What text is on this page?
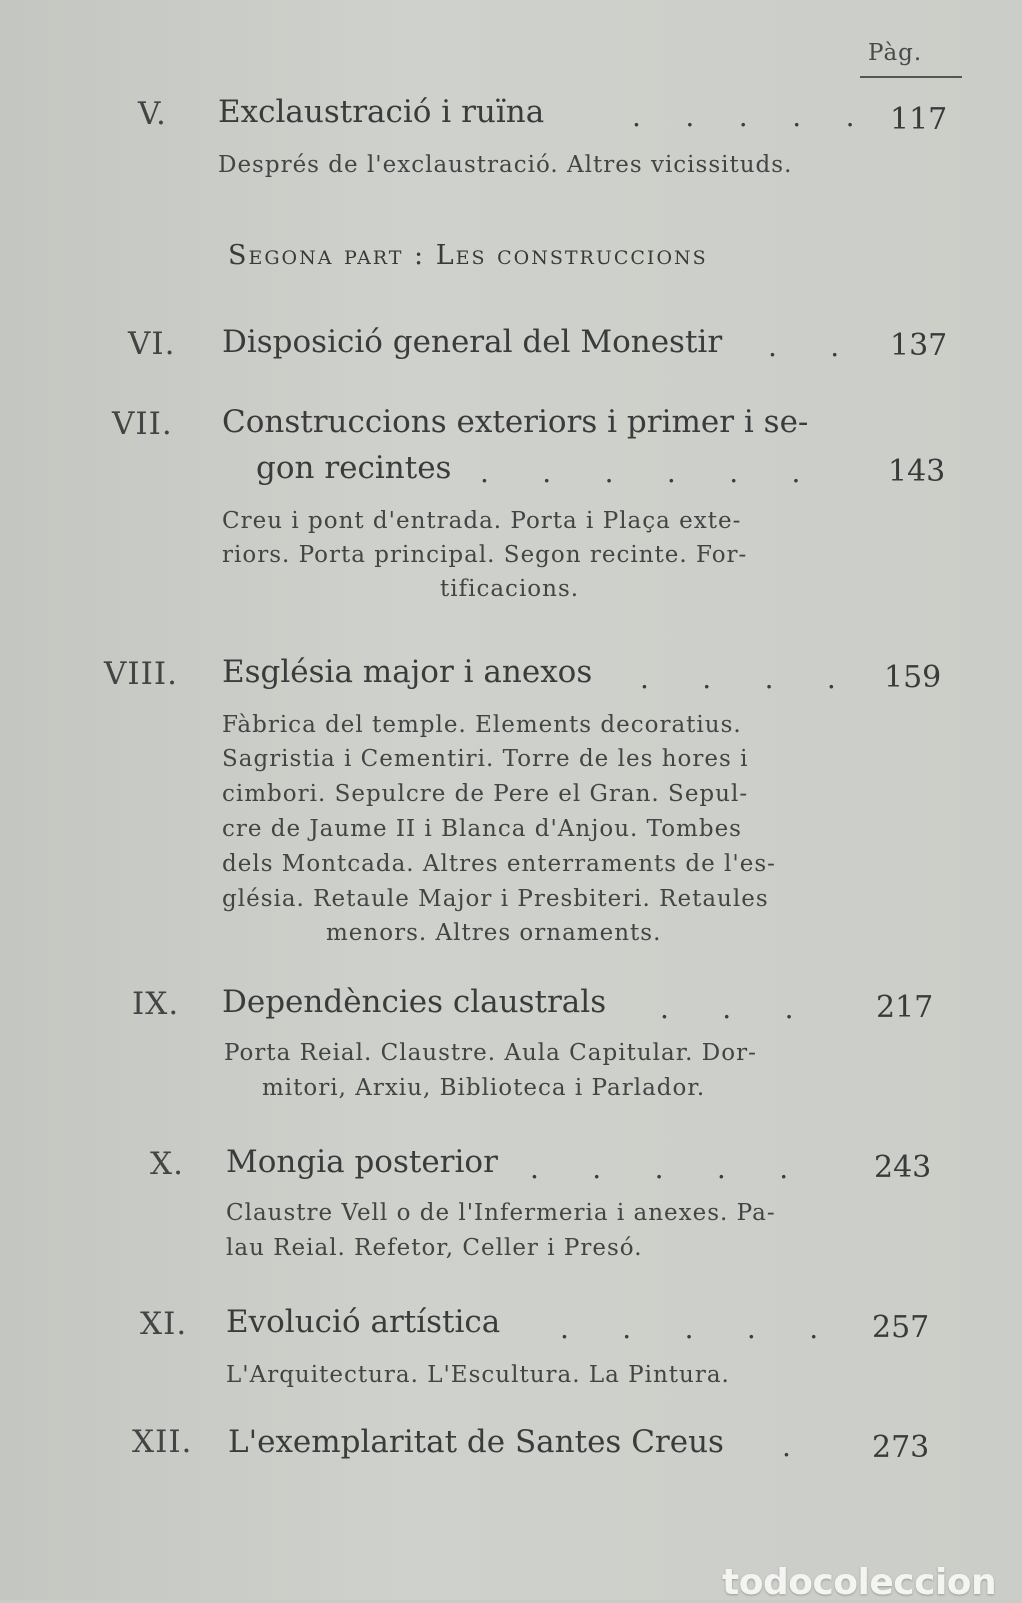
Pàg.
V. Exclaustració i ruïna	.     .     .     .     . 117
Després de l'exclaustració. Altres vicissituds.
Segona part : Les construccions
VI. Disposició general del Monestir .      . 137
VII. Construccions exteriors i primer i se-
gon recintes .      .      .      .      .      .	143
Creu i pont d'entrada. Porta i Plaça exte-
riors. Porta principal. Segon recinte. For-
tificacions.
VIII. Església major i anexos .      .      .      . 159
Fàbrica del temple. Elements decoratius.
Sagristia i Cementiri. Torre de les hores i
cimbori. Sepulcre de Pere el Gran. Sepul-
cre de Jaume II i Blanca d'Anjou. Tombes
dels Montcada. Altres enterraments de l'es-
glésia. Retaule Major i Presbiteri. Retaules
menors. Altres ornaments.
IX. Dependències claustrals .      .      .	217
Porta Reial. Claustre. Aula Capitular. Dor-
mitori, Arxiu, Biblioteca i Parlador.
X. Mongia posterior .      .      .      .      .	243
Claustre Vell o de l'Infermeria i anexes. Pa-
lau Reial. Refetor, Celler i Presó.
XI. Evolució artística .      .      .      .      . 257
L'Arquitectura. L'Escultura. La Pintura.
XII. L'exemplaritat de Santes Creus .	273
todocoleccion
